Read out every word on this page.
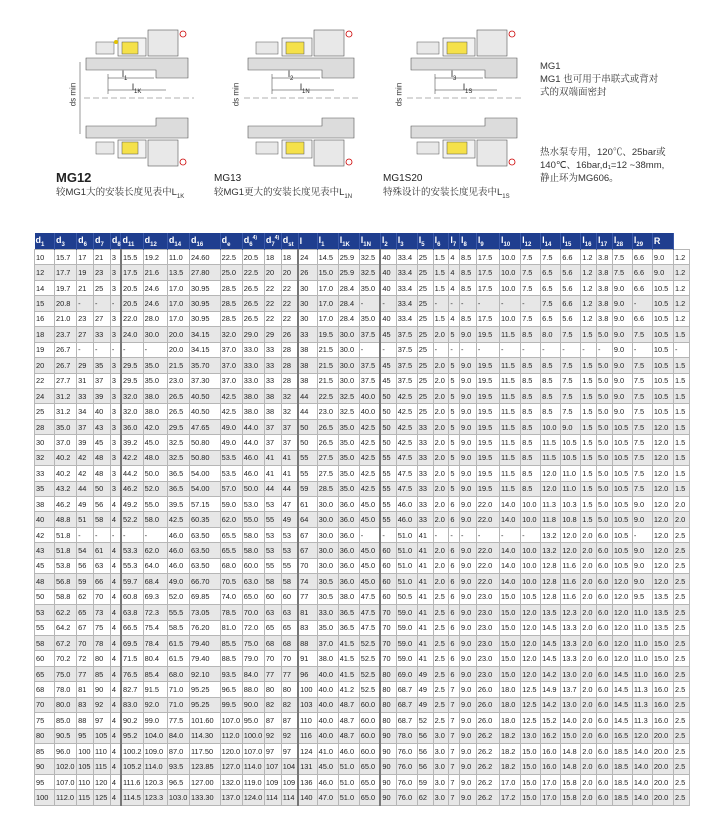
ds min
$l_1$
$l_{1K}$
MG12
较MG1大的安装长度见表中$L_{1K}$
ds min
$l_2$
$l_{1N}$
MG13
较MG1更大的安装长度见表中$L_{1N}$
ds min
$l_3$
$l_{1S}$
MG1S20
特殊设计的安装长度见表中$L_{1S}$

MG1

MG1 也可用于串联式或背对

式的双端面密封

热水泵专用，120℃、25bar或

140℃、16bar,d₁=12 ~38mm,

静止环为MG606。

$d_1$	$d_3$	$d_6$	$d_7$	$d_8$	$d_{11}$	$d_{12}$	$d_{14}$	$d_{16}$	$d_e$	$d_6^{4)}$	$d_7^{4)}$	$d_{st}$	l	$l_1$	$l_{1K}$	$l_{1N}$	$l_2$	$l_3$	$l_5$	$l_6$	$l_7$	$l_8$	$l_9$	$l_{10}$	$l_{12}$	$l_{14}$	$l_{15}$	$l_{16}$	$l_{17}$	$l_{28}$	$l_{29}$	R	
10	15.7	17	21	3	15.5	19.2	11.0	24.60	22.5	20.5	18	18	24	14.5	25.9	32.5	40	33.4	25	1.5	4	8.5	17.5	10.0	7.5	7.5	6.6	1.2	3.8	7.5	6.6	9.0	1.2
12	17.7	19	23	3	17.5	21.6	13.5	27.80	25.0	22.5	20	20	26	15.0	25.9	32.5	40	33.4	25	1.5	4	8.5	17.5	10.0	7.5	6.5	5.6	1.2	3.8	7.5	6.6	9.0	1.2
14	19.7	21	25	3	20.5	24.6	17.0	30.95	28.5	26.5	22	22	30	17.0	28.4	35.0	40	33.4	25	1.5	4	8.5	17.5	10.0	7.5	6.5	5.6	1.2	3.8	9.0	6.6	10.5	1.2
15	20.8	-	-	-	20.5	24.6	17.0	30.95	28.5	26.5	22	22	30	17.0	28.4	-	-	33.4	25	-	-	-	-	-	-	7.5	6.6	1.2	3.8	9.0	-	10.5	1.2
16	21.0	23	27	3	22.0	28.0	17.0	30.95	28.5	26.5	22	22	30	17.0	28.4	35.0	40	33.4	25	1.5	4	8.5	17.5	10.0	7.5	6.5	5.6	1.2	3.8	9.0	6.6	10.5	1.2
18	23.7	27	33	3	24.0	30.0	20.0	34.15	32.0	29.0	29	26	33	19.5	30.0	37.5	45	37.5	25	2.0	5	9.0	19.5	11.5	8.5	8.0	7.5	1.5	5.0	9.0	7.5	10.5	1.5
19	26.7	-	-	-	-	-	20.0	34.15	37.0	33.0	33	28	38	21.5	30.0	-	-	37.5	25	-	-	-	-	-	-	-	-	-	-	9.0	-	10.5	-
20	26.7	29	35	3	29.5	35.0	21.5	35.70	37.0	33.0	33	28	38	21.5	30.0	37.5	45	37.5	25	2.0	5	9.0	19.5	11.5	8.5	8.5	7.5	1.5	5.0	9.0	7.5	10.5	1.5
22	27.7	31	37	3	29.5	35.0	23.0	37.30	37.0	33.0	33	28	38	21.5	30.0	37.5	45	37.5	25	2.0	5	9.0	19.5	11.5	8.5	8.5	7.5	1.5	5.0	9.0	7.5	10.5	1.5
24	31.2	33	39	3	32.0	38.0	26.5	40.50	42.5	38.0	38	32	44	22.5	32.5	40.0	50	42.5	25	2.0	5	9.0	19.5	11.5	8.5	8.5	7.5	1.5	5.0	9.0	7.5	10.5	1.5
25	31.2	34	40	3	32.0	38.0	26.5	40.50	42.5	38.0	38	32	44	23.0	32.5	40.0	50	42.5	25	2.0	5	9.0	19.5	11.5	8.5	8.5	7.5	1.5	5.0	9.0	7.5	10.5	1.5
28	35.0	37	43	3	36.0	42.0	29.5	47.65	49.0	44.0	37	37	50	26.5	35.0	42.5	50	42.5	33	2.0	5	9.0	19.5	11.5	8.5	10.0	9.0	1.5	5.0	10.5	7.5	12.0	1.5
30	37.0	39	45	3	39.2	45.0	32.5	50.80	49.0	44.0	37	37	50	26.5	35.0	42.5	50	42.5	33	2.0	5	9.0	19.5	11.5	8.5	11.5	10.5	1.5	5.0	10.5	7.5	12.0	1.5
32	40.2	42	48	3	42.2	48.0	32.5	50.80	53.5	46.0	41	41	55	27.5	35.0	42.5	55	47.5	33	2.0	5	9.0	19.5	11.5	8.5	11.5	10.5	1.5	5.0	10.5	7.5	12.0	1.5
33	40.2	42	48	3	44.2	50.0	36.5	54.00	53.5	46.0	41	41	55	27.5	35.0	42.5	55	47.5	33	2.0	5	9.0	19.5	11.5	8.5	12.0	11.0	1.5	5.0	10.5	7.5	12.0	1.5
35	43.2	44	50	3	46.2	52.0	36.5	54.00	57.0	50.0	44	44	59	28.5	35.0	42.5	55	47.5	33	2.0	5	9.0	19.5	11.5	8.5	12.0	11.0	1.5	5.0	10.5	7.5	12.0	1.5
38	46.2	49	56	4	49.2	55.0	39.5	57.15	59.0	53.0	53	47	61	30.0	36.0	45.0	55	46.0	33	2.0	6	9.0	22.0	14.0	10.0	11.3	10.3	1.5	5.0	10.5	9.0	12.0	2.0
40	48.8	51	58	4	52.2	58.0	42.5	60.35	62.0	55.0	55	49	64	30.0	36.0	45.0	55	46.0	33	2.0	6	9.0	22.0	14.0	10.0	11.8	10.8	1.5	5.0	10.5	9.0	12.0	2.0
42	51.8	-	-	-	-	-	46.0	63.50	65.5	58.0	53	53	67	30.0	36.0	-	-	51.0	41	-	-	-	-	-	-	13.2	12.0	2.0	6.0	10.5	-	12.0	2.5
43	51.8	54	61	4	53.3	62.0	46.0	63.50	65.5	58.0	53	53	67	30.0	36.0	45.0	60	51.0	41	2.0	6	9.0	22.0	14.0	10.0	13.2	12.0	2.0	6.0	10.5	9.0	12.0	2.5
45	53.8	56	63	4	55.3	64.0	46.0	63.50	68.0	60.0	55	55	70	30.0	36.0	45.0	60	51.0	41	2.0	6	9.0	22.0	14.0	10.0	12.8	11.6	2.0	6.0	10.5	9.0	12.0	2.5
48	56.8	59	66	4	59.7	68.4	49.0	66.70	70.5	63.0	58	58	74	30.5	36.0	45.0	60	51.0	41	2.0	6	9.0	22.0	14.0	10.0	12.8	11.6	2.0	6.0	12.0	9.0	12.0	2.5
50	58.8	62	70	4	60.8	69.3	52.0	69.85	74.0	65.0	60	60	77	30.5	38.0	47.5	60	50.5	41	2.5	6	9.0	23.0	15.0	10.5	12.8	11.6	2.0	6.0	12.0	9.5	13.5	2.5
53	62.2	65	73	4	63.8	72.3	55.5	73.05	78.5	70.0	63	63	81	33.0	36.5	47.5	70	59.0	41	2.5	6	9.0	23.0	15.0	12.0	13.5	12.3	2.0	6.0	12.0	11.0	13.5	2.5
55	64.2	67	75	4	66.5	75.4	58.5	76.20	81.0	72.0	65	65	83	35.0	36.5	47.5	70	59.0	41	2.5	6	9.0	23.0	15.0	12.0	14.5	13.3	2.0	6.0	12.0	11.0	13.5	2.5
58	67.2	70	78	4	69.5	78.4	61.5	79.40	85.5	75.0	68	68	88	37.0	41.5	52.5	70	59.0	41	2.5	6	9.0	23.0	15.0	12.0	14.5	13.3	2.0	6.0	12.0	11.0	15.0	2.5
60	70.2	72	80	4	71.5	80.4	61.5	79.40	88.5	79.0	70	70	91	38.0	41.5	52.5	70	59.0	41	2.5	6	9.0	23.0	15.0	12.0	14.5	13.3	2.0	6.0	12.0	11.0	15.0	2.5
65	75.0	77	85	4	76.5	85.4	68.0	92.10	93.5	84.0	77	77	96	40.0	41.5	52.5	80	69.0	49	2.5	6	9.0	23.0	15.0	12.0	14.2	13.0	2.0	6.0	14.5	11.0	16.0	2.5
68	78.0	81	90	4	82.7	91.5	71.0	95.25	96.5	88.0	80	80	100	40.0	41.2	52.5	80	68.7	49	2.5	7	9.0	26.0	18.0	12.5	14.9	13.7	2.0	6.0	14.5	11.3	16.0	2.5
70	80.0	83	92	4	83.0	92.0	71.0	95.25	99.5	90.0	82	82	103	40.0	48.7	60.0	80	68.7	49	2.5	7	9.0	26.0	18.0	12.5	14.2	13.0	2.0	6.0	14.5	11.3	16.0	2.5
75	85.0	88	97	4	90.2	99.0	77.5	101.60	107.0	95.0	87	87	110	40.0	48.7	60.0	80	68.7	52	2.5	7	9.0	26.0	18.0	12.5	15.2	14.0	2.0	6.0	14.5	11.3	16.0	2.5
80	90.5	95	105	4	95.2	104.0	84.0	114.30	112.0	100.0	92	92	116	40.0	48.7	60.0	90	78.0	56	3.0	7	9.0	26.2	18.2	13.0	16.2	15.0	2.0	6.0	16.5	12.0	20.0	2.5
85	96.0	100	110	4	100.2	109.0	87.0	117.50	120.0	107.0	97	97	124	41.0	46.0	60.0	90	76.0	56	3.0	7	9.0	26.2	18.2	15.0	16.0	14.8	2.0	6.0	18.5	14.0	20.0	2.5
90	102.0	105	115	4	105.2	114.0	93.5	123.85	127.0	114.0	107	104	131	45.0	51.0	65.0	90	76.0	56	3.0	7	9.0	26.2	18.2	15.0	16.0	14.8	2.0	6.0	18.5	14.0	20.0	2.5
95	107.0	110	120	4	111.6	120.3	96.5	127.00	132.0	119.0	109	109	136	46.0	51.0	65.0	90	76.0	59	3.0	7	9.0	26.2	17.0	15.0	17.0	15.8	2.0	6.0	18.5	14.0	20.0	2.5
100	112.0	115	125	4	114.5	123.3	103.0	133.30	137.0	124.0	114	114	140	47.0	51.0	65.0	90	76.0	62	3.0	7	9.0	26.2	17.2	15.0	17.0	15.8	2.0	6.0	18.5	14.0	20.0	2.5
